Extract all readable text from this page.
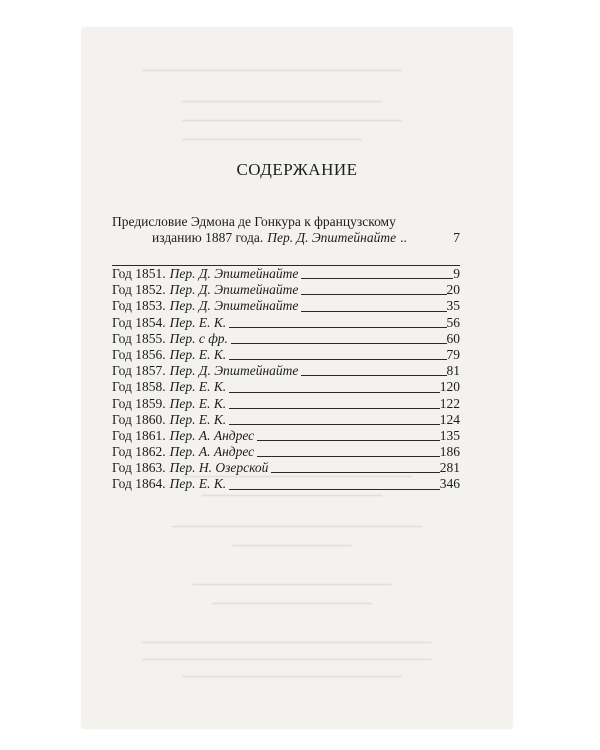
СОДЕРЖАНИЕ
Предисловие Эдмона де Гонкура к французскому
изданию 1887 года. Пер. Д. Эпштейнайте ..	7
Год 1851. Пер. Д. Эпштейнайте	9
Год 1852. Пер. Д. Эпштейнайте	20
Год 1853. Пер. Д. Эпштейнайте	35
Год 1854. Пер. Е. К.	56
Год 1855. Пер. с фр.	60
Год 1856. Пер. Е. К.	79
Год 1857. Пер. Д. Эпштейнайте	81
Год 1858. Пер. Е. К.	120
Год 1859. Пер. Е. К.	122
Год 1860. Пер. Е. К.	124
Год 1861. Пер. А. Андрес	135
Год 1862. Пер. А. Андрес	186
Год 1863. Пер. Н. Озерской	281
Год 1864. Пер. Е. К.	346
